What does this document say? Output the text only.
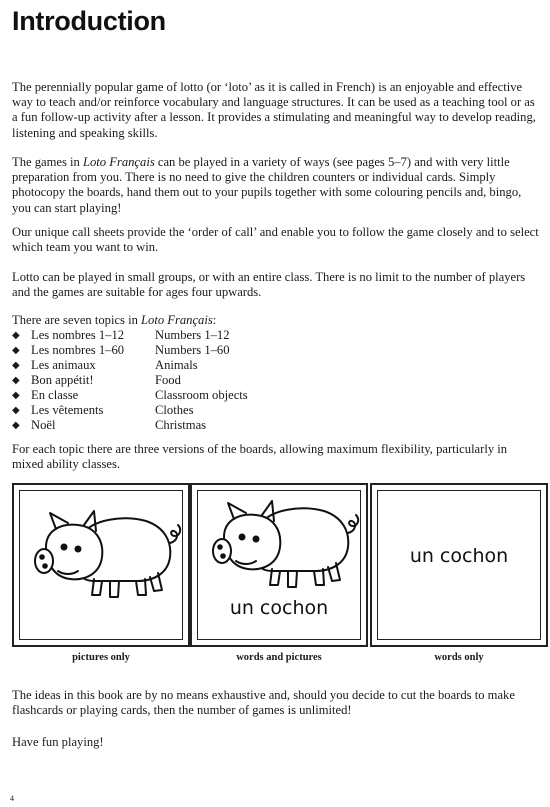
Introduction

The perennially popular game of lotto (or ‘loto’ as it is called in French) is an enjoyable and effective way to teach and/or reinforce vocabulary and language structures. It can be used as a teaching tool or as a fun follow-up activity after a lesson. It provides a stimulating and meaningful way to develop reading, listening and speaking skills.

The games in Loto Français can be played in a variety of ways (see pages 5–7) and with very little preparation from you. There is no need to give the children counters or individual cards. Simply photocopy the boards, hand them out to your pupils together with some colouring pencils and, bingo, you can start playing!

Our unique call sheets provide the ‘order of call’ and enable you to follow the game closely and to select which team you want to win.

Lotto can be played in small groups, or with an entire class. There is no limit to the number of players and the games are suitable for ages four upwards.

There are seven topics in Loto Français:

◆ Les nombres 1–12	Numbers 1–12
◆ Les nombres 1–60	Numbers 1–60
◆ Les animaux	Animals
◆ Bon appétit!	Food
◆ En classe	Classroom objects
◆ Les vêtements	Clothes
◆ Noël	Christmas

For each topic there are three versions of the boards, allowing maximum flexibility, particularly in mixed ability classes.

un cochon
un cochon
pictures only	words and pictures	words only

The ideas in this book are by no means exhaustive and, should you decide to cut the boards to make flashcards or playing cards, then the number of games is unlimited!

Have fun playing!

4
